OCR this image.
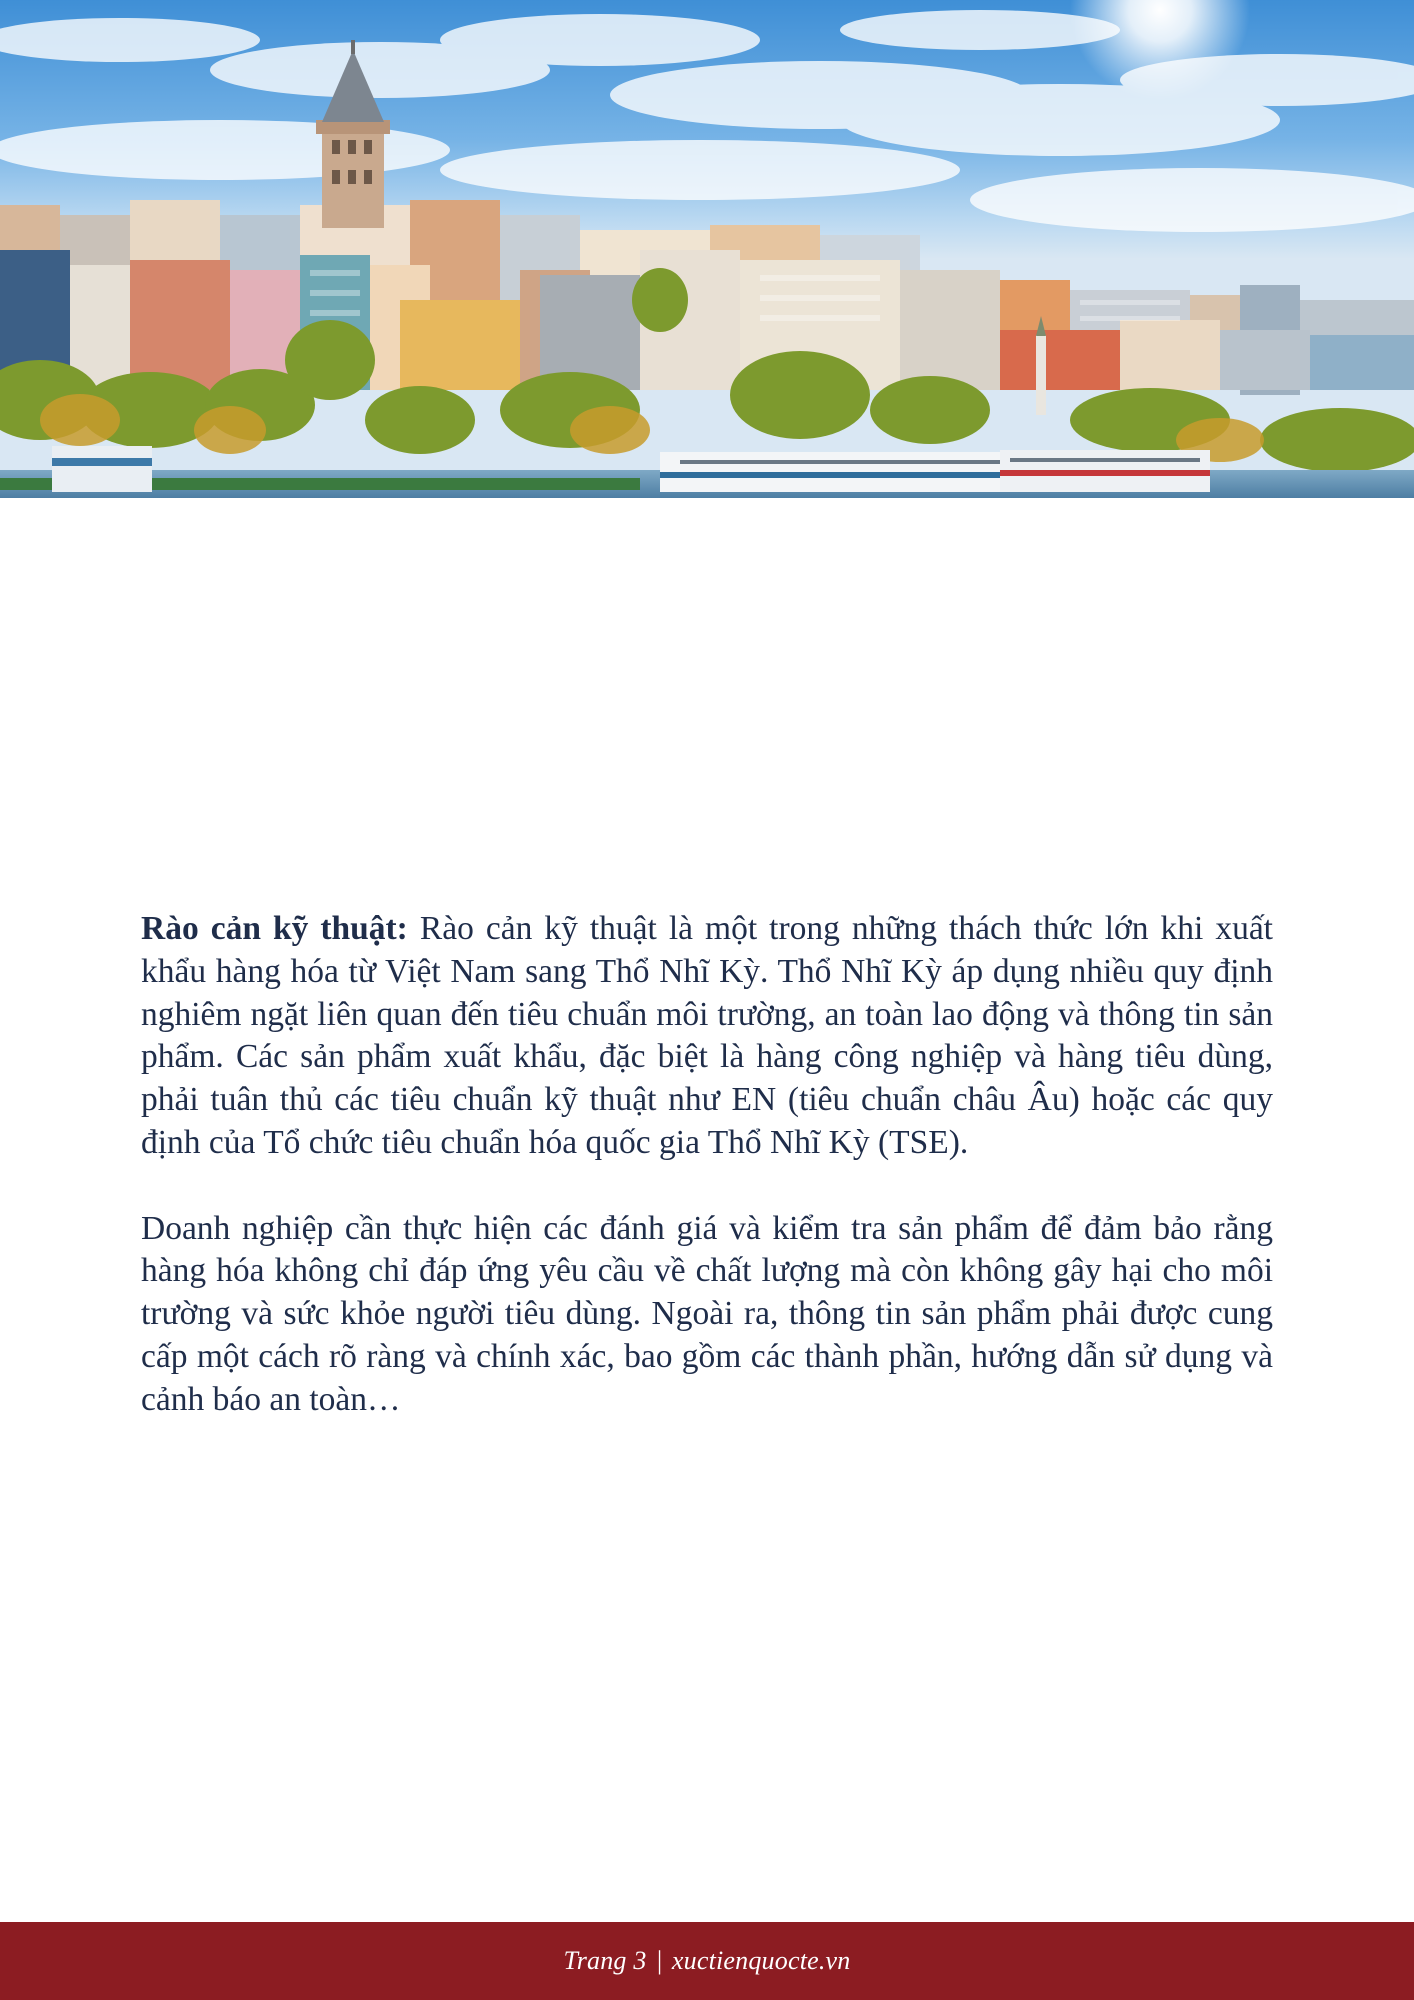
Rào cản kỹ thuật: Rào cản kỹ thuật là một trong những thách thức lớn khi xuất khẩu hàng hóa từ Việt Nam sang Thổ Nhĩ Kỳ. Thổ Nhĩ Kỳ áp dụng nhiều quy định nghiêm ngặt liên quan đến tiêu chuẩn môi trường, an toàn lao động và thông tin sản phẩm. Các sản phẩm xuất khẩu, đặc biệt là hàng công nghiệp và hàng tiêu dùng, phải tuân thủ các tiêu chuẩn kỹ thuật như EN (tiêu chuẩn châu Âu) hoặc các quy định của Tổ chức tiêu chuẩn hóa quốc gia Thổ Nhĩ Kỳ (TSE).

Doanh nghiệp cần thực hiện các đánh giá và kiểm tra sản phẩm để đảm bảo rằng hàng hóa không chỉ đáp ứng yêu cầu về chất lượng mà còn không gây hại cho môi trường và sức khỏe người tiêu dùng. Ngoài ra, thông tin sản phẩm phải được cung cấp một cách rõ ràng và chính xác, bao gồm các thành phần, hướng dẫn sử dụng và cảnh báo an toàn…

Trang 3 | xuctienquocte.vn
